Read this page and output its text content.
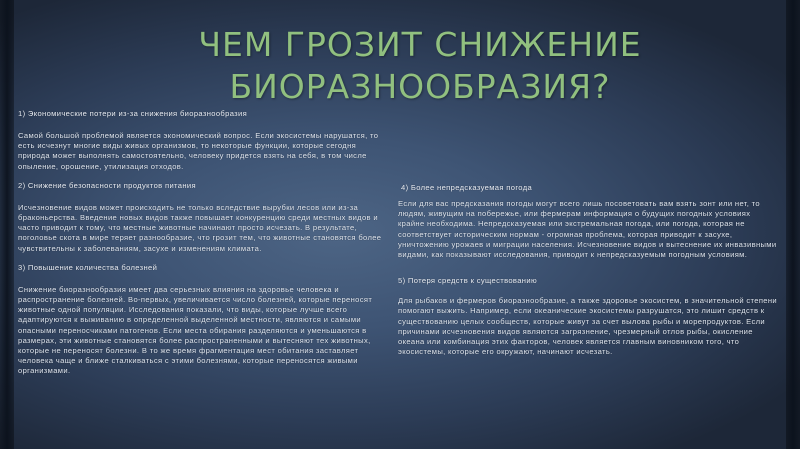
ЧЕМ ГРОЗИТ СНИЖЕНИЕ БИОРАЗНООБРАЗИЯ?

1) Экономические потери из-за снижения биоразнообразия

Самой большой проблемой является экономический вопрос. Если экосистемы нарушатся, то есть исчезнут многие виды живых организмов, то некоторые функции, которые сегодня природа может выполнять самостоятельно, человеку придется взять на себя, в том числе опыление, орошение, утилизация отходов.

2) Снижение безопасности продуктов питания

Исчезновение видов может происходить не только вследствие вырубки лесов или из-за браконьерства. Введение новых видов также повышает конкуренцию среди местных видов и часто приводит к тому, что местные животные начинают просто исчезать. В результате, поголовье скота в мире теряет разнообразие, что грозит тем, что животные становятся более чувствительны к заболеваниям, засухе и изменениям климата.

3) Повышение количества болезней

Снижение биоразнообразия имеет два серьезных влияния на здоровье человека и распространение болезней. Во-первых, увеличивается число болезней, которые переносят животные одной популяции. Исследования показали, что виды, которые лучше всего адаптируются к выживанию в определенной выделенной местности, являются и самыми опасными переносчиками патогенов. Если места обирания разделяются и уменьшаются в размерах, эти животные становятся более распространенными и вытесняют тех животных, которые не переносят болезни. В то же время фрагментация мест обитания заставляет человека чаще и ближе сталкиваться с этими болезнями, которые переносятся живыми организмами.

4) Более непредсказуемая погода

Если для вас предсказания погоды могут всего лишь посоветовать вам взять зонт или нет, то людям, живущим на побережье, или фермерам информация о будущих погодных условиях крайне необходима. Непредсказуемая или экстремальная погода, или погода, которая не соответствует историческим нормам - огромная проблема, которая приводит к засухе, уничтожению урожаев и миграции населения. Исчезновение видов и вытеснение их инвазивными видами, как показывают исследования, приводит к непредсказуемым погодным условиям.

5) Потеря средств к существованию

Для рыбаков и фермеров биоразнообразие, а также здоровье экосистем, в значительной степени помогают выжить. Например, если океанические экосистемы разрушатся, это лишит средств к существованию целых сообществ, которые живут за счет вылова рыбы и морепродуктов. Если причинами исчезновения видов являются загрязнение, чрезмерный отлов рыбы, окисление океана или комбинация этих факторов, человек является главным виновником того, что экосистемы, которые его окружают, начинают исчезать.
